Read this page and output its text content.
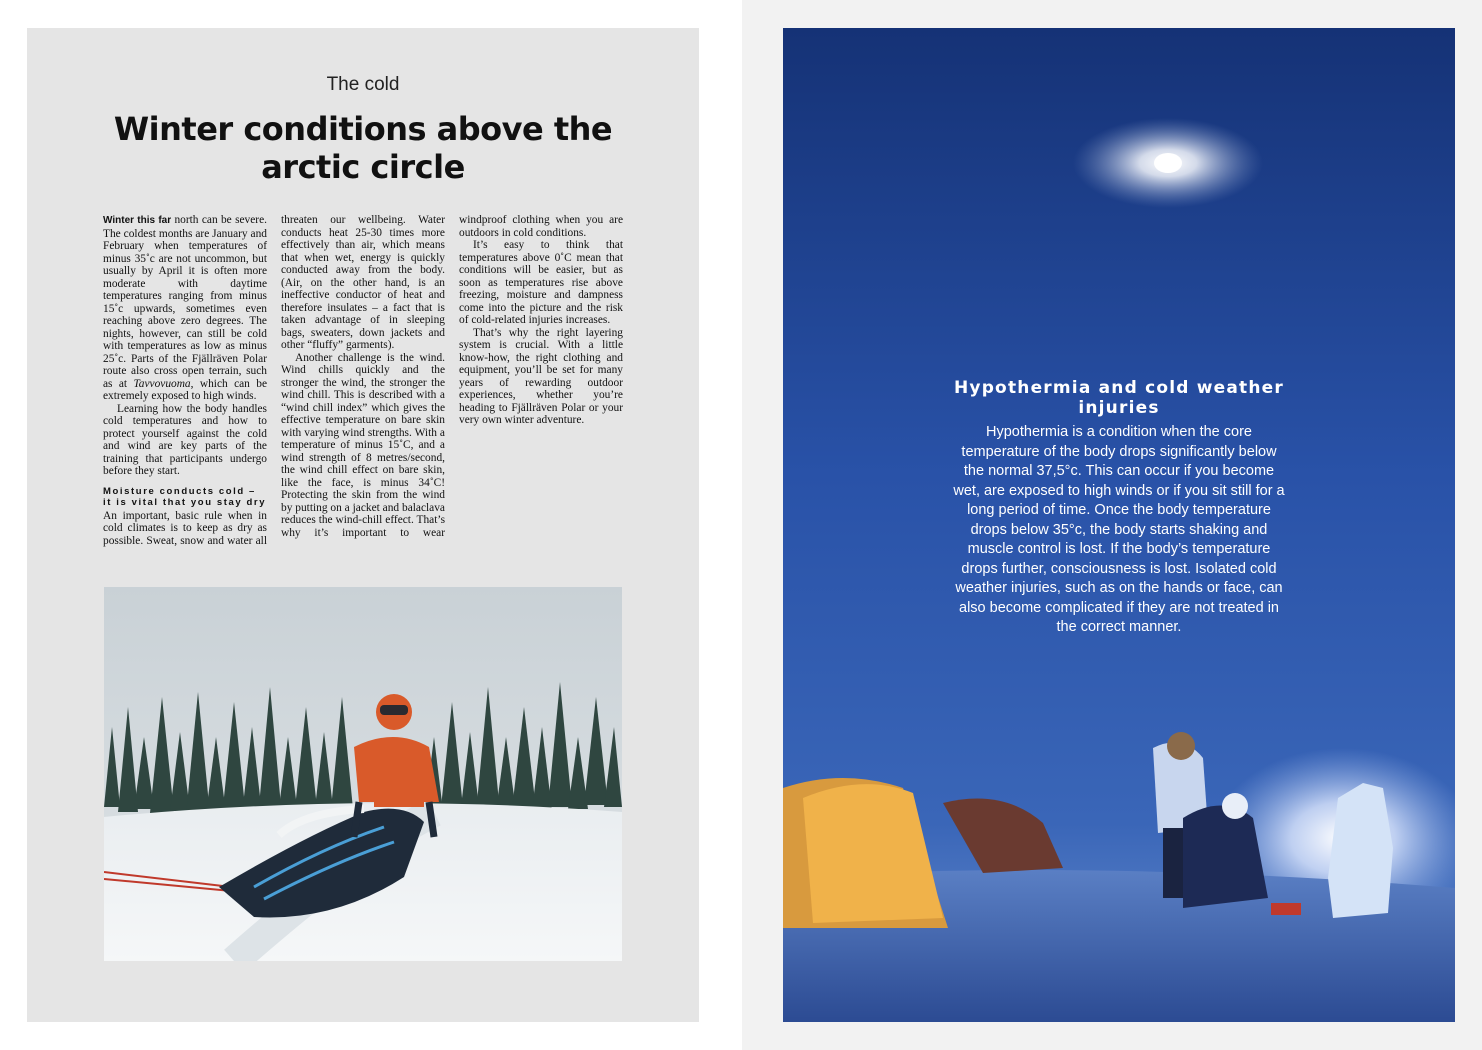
The cold
Winter conditions above the arctic circle

Winter this far north can be severe. The coldest months are January and February when temperatures of minus 35˚c are not uncommon, but usually by April it is often more moderate with daytime temperatures ranging from minus 15˚c upwards, sometimes even reaching above zero degrees. The nights, however, can still be cold with temperatures as low as minus 25˚c. Parts of the Fjällräven Polar route also cross open terrain, such as at Tavvovuoma, which can be extremely exposed to high winds.

Learning how the body handles cold temperatures and how to protect yourself against the cold and wind are key parts of the training that participants undergo before they start.

Moisture conducts cold – it is vital that you stay dry

An important, basic rule when in cold climates is to keep as dry as possible. Sweat, snow and water all threaten our wellbeing. Water conducts heat 25-30 times more effectively than air, which means that when wet, energy is quickly conducted away from the body. (Air, on the other hand, is an ineffective conductor of heat and therefore insulates – a fact that is taken advantage of in sleeping bags, sweaters, down jackets and other “fluffy” garments).

Another challenge is the wind. Wind chills quickly and the stronger the wind, the stronger the wind chill. This is described with a “wind chill index” which gives the effective temperature on bare skin with varying wind strengths. With a temperature of minus 15˚C, and a wind strength of 8 metres/second, the wind chill effect on bare skin, like the face, is minus 34˚C! Protecting the skin from the wind by putting on a jacket and balaclava reduces the wind-chill effect. That’s why it’s important to wear windproof clothing when you are outdoors in cold conditions.

It’s easy to think that temperatures above 0˚C mean that conditions will be easier, but as soon as temperatures rise above freezing, moisture and dampness come into the picture and the risk of cold-related injuries increases.

That’s why the right layering system is crucial. With a little know-how, the right clothing and equipment, you’ll be set for many years of rewarding outdoor experiences, whether you’re heading to Fjällräven Polar or your very own winter adventure.

Hypothermia and cold weather injuries

Hypothermia is a condition when the core temperature of the body drops significantly below the normal 37,5°c. This can occur if you become wet, are exposed to high winds or if you sit still for a long period of time. Once the body temperature drops below 35°c, the body starts shaking and muscle control is lost. If the body’s temperature drops further, consciousness is lost. Isolated cold weather injuries, such as on the hands or face, can also become complicated if they are not treated in the correct manner.
